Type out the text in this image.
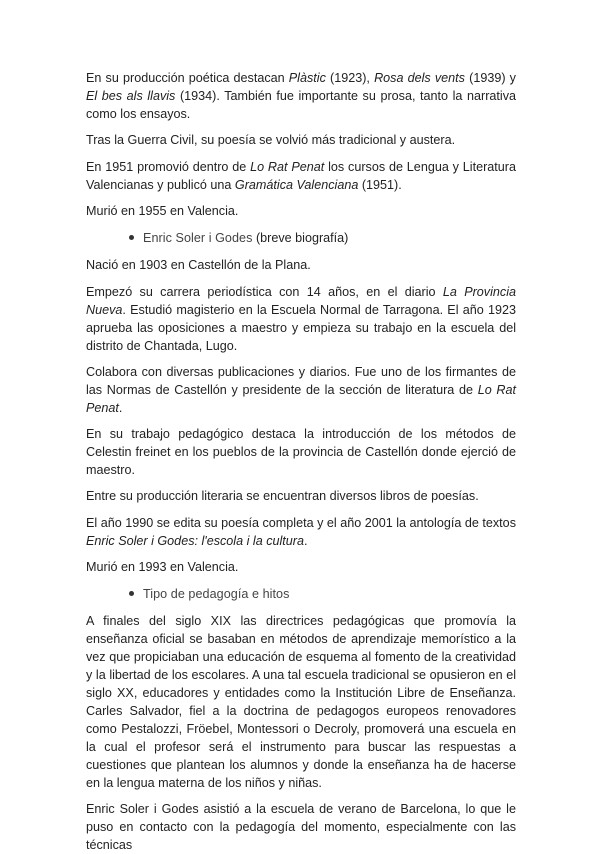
En su producción poética destacan Plàstic (1923), Rosa dels vents (1939) y El bes als llavis (1934). También fue importante su prosa, tanto la narrativa como los ensayos.

Tras la Guerra Civil, su poesía se volvió más tradicional y austera.

En 1951 promovió dentro de Lo Rat Penat los cursos de Lengua y Literatura Valencianas y publicó una Gramática Valenciana (1951).

Murió en 1955 en Valencia.

Enric Soler i Godes (breve biografía)

Nació en 1903 en Castellón de la Plana.

Empezó su carrera periodística con 14 años, en el diario La Provincia Nueva. Estudió magisterio en la Escuela Normal de Tarragona. El año 1923 aprueba las oposiciones a maestro y empieza su trabajo en la escuela del distrito de Chantada, Lugo.

Colabora con diversas publicaciones y diarios. Fue uno de los firmantes de las Normas de Castellón y presidente de la sección de literatura de Lo Rat Penat.

En su trabajo pedagógico destaca la introducción de los métodos de Celestin freinet en los pueblos de la provincia de Castellón donde ejerció de maestro.

Entre su producción literaria se encuentran diversos libros de poesías.

El año 1990 se edita su poesía completa y el año 2001 la antología de textos Enric Soler i Godes: l'escola i la cultura.

Murió en 1993 en Valencia.

Tipo de pedagogía e hitos

A finales del siglo XIX las directrices pedagógicas que promovía la enseñanza oficial se basaban en métodos de aprendizaje memorístico a la vez que propiciaban una educación de esquema al fomento de la creatividad y la libertad de los escolares. A una tal escuela tradicional se opusieron en el siglo XX, educadores y entidades como la Institución Libre de Enseñanza. Carles Salvador, fiel a la doctrina de pedagogos europeos renovadores como Pestalozzi, Fröebel, Montessori o Decroly, promoverá una escuela en la cual el profesor será el instrumento para buscar las respuestas a cuestiones que plantean los alumnos y donde la enseñanza ha de hacerse en la lengua materna de los niños y niñas.

Enric Soler i Godes asistió a la escuela de verano de Barcelona, lo que le puso en contacto con la pedagogía del momento, especialmente con las técnicas
